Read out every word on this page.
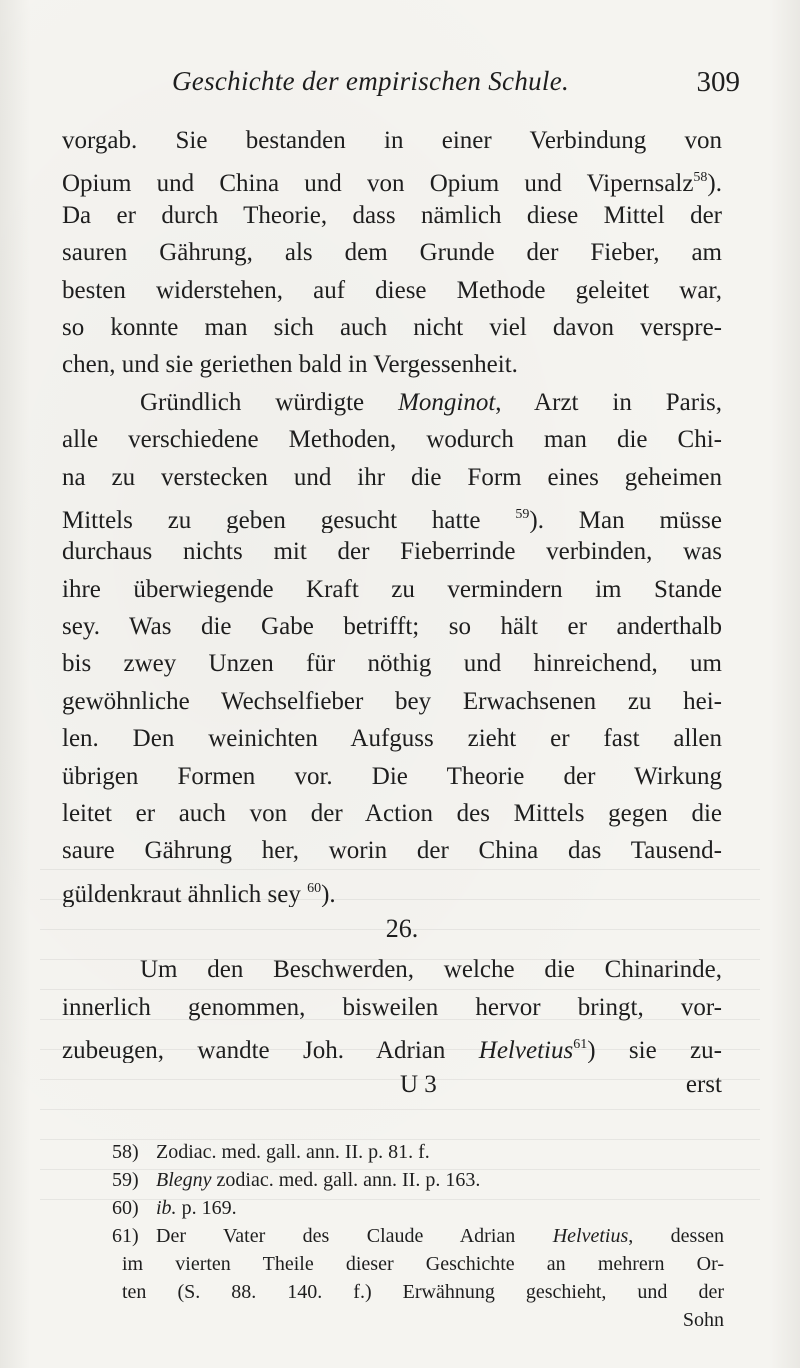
Geschichte der empirischen Schule.	309
vorgab. Sie bestanden in einer Verbindung von
Opium und China und von Opium und Vipernsalz$^{58}$).
Da er durch Theorie, dass nämlich diese Mittel der
sauren Gährung, als dem Grunde der Fieber, am
besten widerstehen, auf diese Methode geleitet war,
so konnte man sich auch nicht viel davon verspre-
chen, und sie geriethen bald in Vergessenheit.
Gründlich würdigte Monginot, Arzt in Paris,
alle verschiedene Methoden, wodurch man die Chi-
na zu verstecken und ihr die Form eines geheimen
Mittels zu geben gesucht hatte $^{59}$). Man müsse
durchaus nichts mit der Fieberrinde verbinden, was
ihre überwiegende Kraft zu vermindern im Stande
sey. Was die Gabe betrifft; so hält er anderthalb
bis zwey Unzen für nöthig und hinreichend, um
gewöhnliche Wechselfieber bey Erwachsenen zu hei-
len. Den weinichten Aufguss zieht er fast allen
übrigen Formen vor. Die Theorie der Wirkung
leitet er auch von der Action des Mittels gegen die
saure Gährung her, worin der China das Tausend-
güldenkraut ähnlich sey $^{60}$).
26.
Um den Beschwerden, welche die Chinarinde,
innerlich genommen, bisweilen hervor bringt, vor-
zubeugen, wandte Joh. Adrian Helvetius$^{61}$) sie zu-
U 3	erst
58) Zodiac. med. gall. ann. II. p. 81. f.
59) Blegny zodiac. med. gall. ann. II. p. 163.
60) ib. p. 169.
61) Der Vater des Claude Adrian Helvetius, dessen
im vierten Theile dieser Geschichte an mehrern Or-
ten (S. 88. 140. f.) Erwähnung geschieht, und der
Sohn
